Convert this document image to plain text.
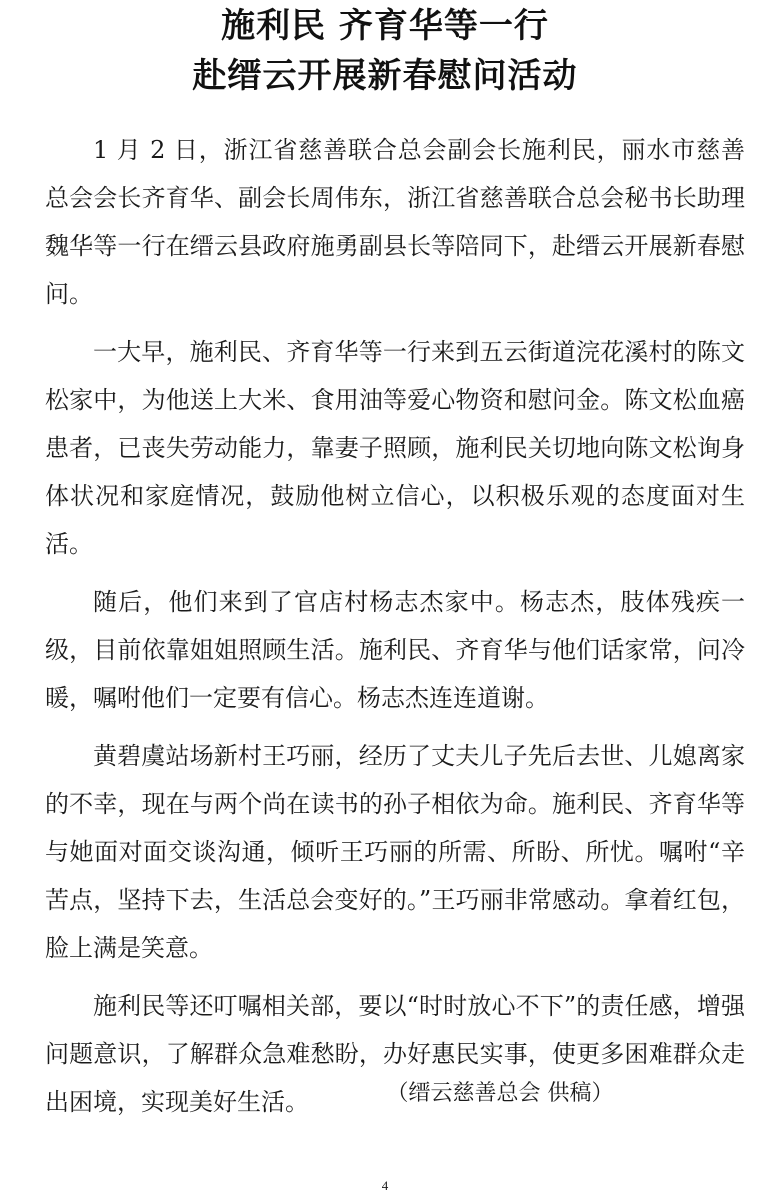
施利民 齐育华等一行
赴缙云开展新春慰问活动

1 月 2 日，浙江省慈善联合总会副会长施利民，丽水市慈善总会会长齐育华、副会长周伟东，浙江省慈善联合总会秘书长助理魏华等一行在缙云县政府施勇副县长等陪同下，赴缙云开展新春慰问。

一大早，施利民、齐育华等一行来到五云街道浣花溪村的陈文松家中，为他送上大米、食用油等爱心物资和慰问金。陈文松血癌患者，已丧失劳动能力，靠妻子照顾，施利民关切地向陈文松询身体状况和家庭情况，鼓励他树立信心，以积极乐观的态度面对生活。

随后，他们来到了官店村杨志杰家中。杨志杰，肢体残疾一级，目前依靠姐姐照顾生活。施利民、齐育华与他们话家常，问冷暖，嘱咐他们一定要有信心。杨志杰连连道谢。

黄碧虞站场新村王巧丽，经历了丈夫儿子先后去世、儿媳离家的不幸，现在与两个尚在读书的孙子相依为命。施利民、齐育华等与她面对面交谈沟通，倾听王巧丽的所需、所盼、所忧。嘱咐“辛苦点，坚持下去，生活总会变好的。”王巧丽非常感动。拿着红包，脸上满是笑意。

施利民等还叮嘱相关部，要以“时时放心不下”的责任感，增强问题意识，了解群众急难愁盼，办好惠民实事，使更多困难群众走出困境，实现美好生活。	（缙云慈善总会 供稿）
4
